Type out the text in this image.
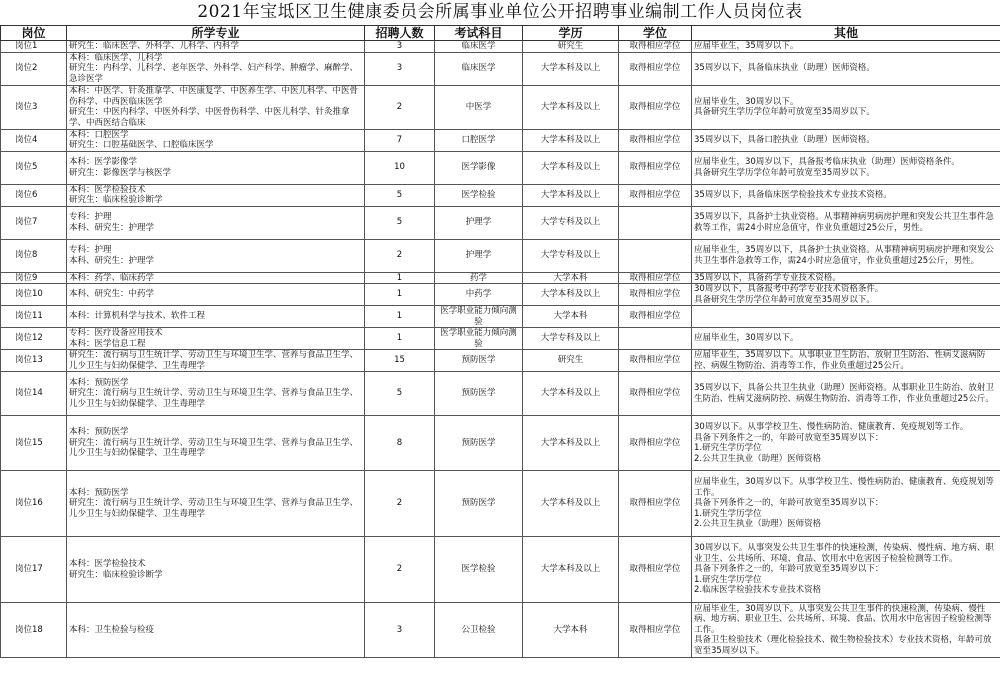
2021年宝坻区卫生健康委员会所属事业单位公开招聘事业编制工作人员岗位表
岗位	所学专业	招聘人数	考试科目	学历	学位	其他
岗位1	研究生：临床医学、外科学、儿科学、内科学	3	临床医学	研究生	取得相应学位	应届毕业生，35周岁以下。
岗位2	本科：临床医学、儿科学
研究生：内科学、儿科学、老年医学、外科学、妇产科学、肿瘤学、麻醉学、急诊医学	3	临床医学	大学本科及以上	取得相应学位	35周岁以下，具备临床执业（助理）医师资格。
岗位3	本科：中医学、针灸推拿学、中医康复学、中医养生学、中医儿科学、中医骨伤科学、中西医临床医学
研究生：中医内科学、中医外科学、中医骨伤科学、中医儿科学、针灸推拿学、中西医结合临床	2	中医学	大学本科及以上	取得相应学位	应届毕业生，30周岁以下。
具备研究生学历学位年龄可放宽至35周岁以下。
岗位4	本科：口腔医学
研究生：口腔基础医学、口腔临床医学	7	口腔医学	大学本科及以上	取得相应学位	35周岁以下，具备口腔执业（助理）医师资格。
岗位5	本科：医学影像学
研究生：影像医学与核医学	10	医学影像	大学本科及以上	取得相应学位	应届毕业生，30周岁以下，具备报考临床执业（助理）医师资格条件。
具备研究生学历学位年龄可放宽至35周岁以下。
岗位6	本科：医学检验技术
研究生：临床检验诊断学	5	医学检验	大学本科及以上	取得相应学位	35周岁以下，具备临床医学检验技术专业技术资格。
岗位7	专科：护理
本科、研究生：护理学	5	护理学	大学专科及以上		35周岁以下，具备护士执业资格。从事精神病男病房护理和突发公共卫生事件急救等工作，需24小时应急值守，作业负重超过25公斤，男性。
岗位8	专科：护理
本科、研究生：护理学	2	护理学	大学专科及以上		应届毕业生，35周岁以下，具备护士执业资格。从事精神病男病房护理和突发公共卫生事件急救等工作，需24小时应急值守，作业负重超过25公斤，男性。
岗位9	本科：药学、临床药学	1	药学	大学本科	取得相应学位	35周岁以下，具备药学专业技术资格。
岗位10	本科、研究生：中药学	1	中药学	大学本科及以上	取得相应学位	30周岁以下，具备报考中药学专业技术资格条件。
具备研究生学历学位年龄可放宽至35周岁以下。
岗位11	本科：计算机科学与技术、软件工程	1	医学职业能力倾向测验	大学本科	取得相应学位	
岗位12	专科：医疗设备应用技术
本科：医学信息工程	1	医学职业能力倾向测验	大学专科及以上		应届毕业生，30周岁以下。
岗位13	研究生：流行病与卫生统计学、劳动卫生与环境卫生学、营养与食品卫生学、儿少卫生与妇幼保健学、卫生毒理学	15	预防医学	研究生	取得相应学位	应届毕业生，35周岁以下。从事职业卫生防治、放射卫生防治、性病艾滋病防控、病媒生物防治、消毒等工作，作业负重超过25公斤。
岗位14	本科：预防医学
研究生：流行病与卫生统计学、劳动卫生与环境卫生学、营养与食品卫生学、儿少卫生与妇幼保健学、卫生毒理学	5	预防医学	大学本科及以上	取得相应学位	35周岁以下，具备公共卫生执业（助理）医师资格。从事职业卫生防治、放射卫生防治、性病艾滋病防控、病媒生物防治、消毒等工作，作业负重超过25公斤。
岗位15	本科：预防医学
研究生：流行病与卫生统计学、劳动卫生与环境卫生学、营养与食品卫生学、儿少卫生与妇幼保健学、卫生毒理学	8	预防医学	大学本科及以上	取得相应学位	30周岁以下。从事学校卫生、慢性病防治、健康教育、免疫规划等工作。
具备下列条件之一的，年龄可放宽至35周岁以下：
1.研究生学历学位
2.公共卫生执业（助理）医师资格
岗位16	本科：预防医学
研究生：流行病与卫生统计学、劳动卫生与环境卫生学、营养与食品卫生学、儿少卫生与妇幼保健学、卫生毒理学	2	预防医学	大学本科及以上	取得相应学位	应届毕业生，30周岁以下。从事学校卫生、慢性病防治、健康教育、免疫规划等工作。
具备下列条件之一的，年龄可放宽至35周岁以下：
1.研究生学历学位
2.公共卫生执业（助理）医师资格
岗位17	本科：医学检验技术
研究生：临床检验诊断学	2	医学检验	大学本科及以上	取得相应学位	30周岁以下。从事突发公共卫生事件的快速检测，传染病、慢性病、地方病、职业卫生、公共场所、环境、食品、饮用水中危害因子检验检测等工作。
具备下列条件之一的，年龄可放宽至35周岁以下：
1.研究生学历学位
2.临床医学检验技术专业技术资格
岗位18	本科：卫生检验与检疫	3	公卫检验	大学本科	取得相应学位	应届毕业生，30周岁以下。从事突发公共卫生事件的快速检测，传染病、慢性病、地方病、职业卫生、公共场所、环境、食品、饮用水中危害因子检验检测等工作。
具备卫生检验技术（理化检验技术、微生物检验技术）专业技术资格，年龄可放宽至35周岁以下。
